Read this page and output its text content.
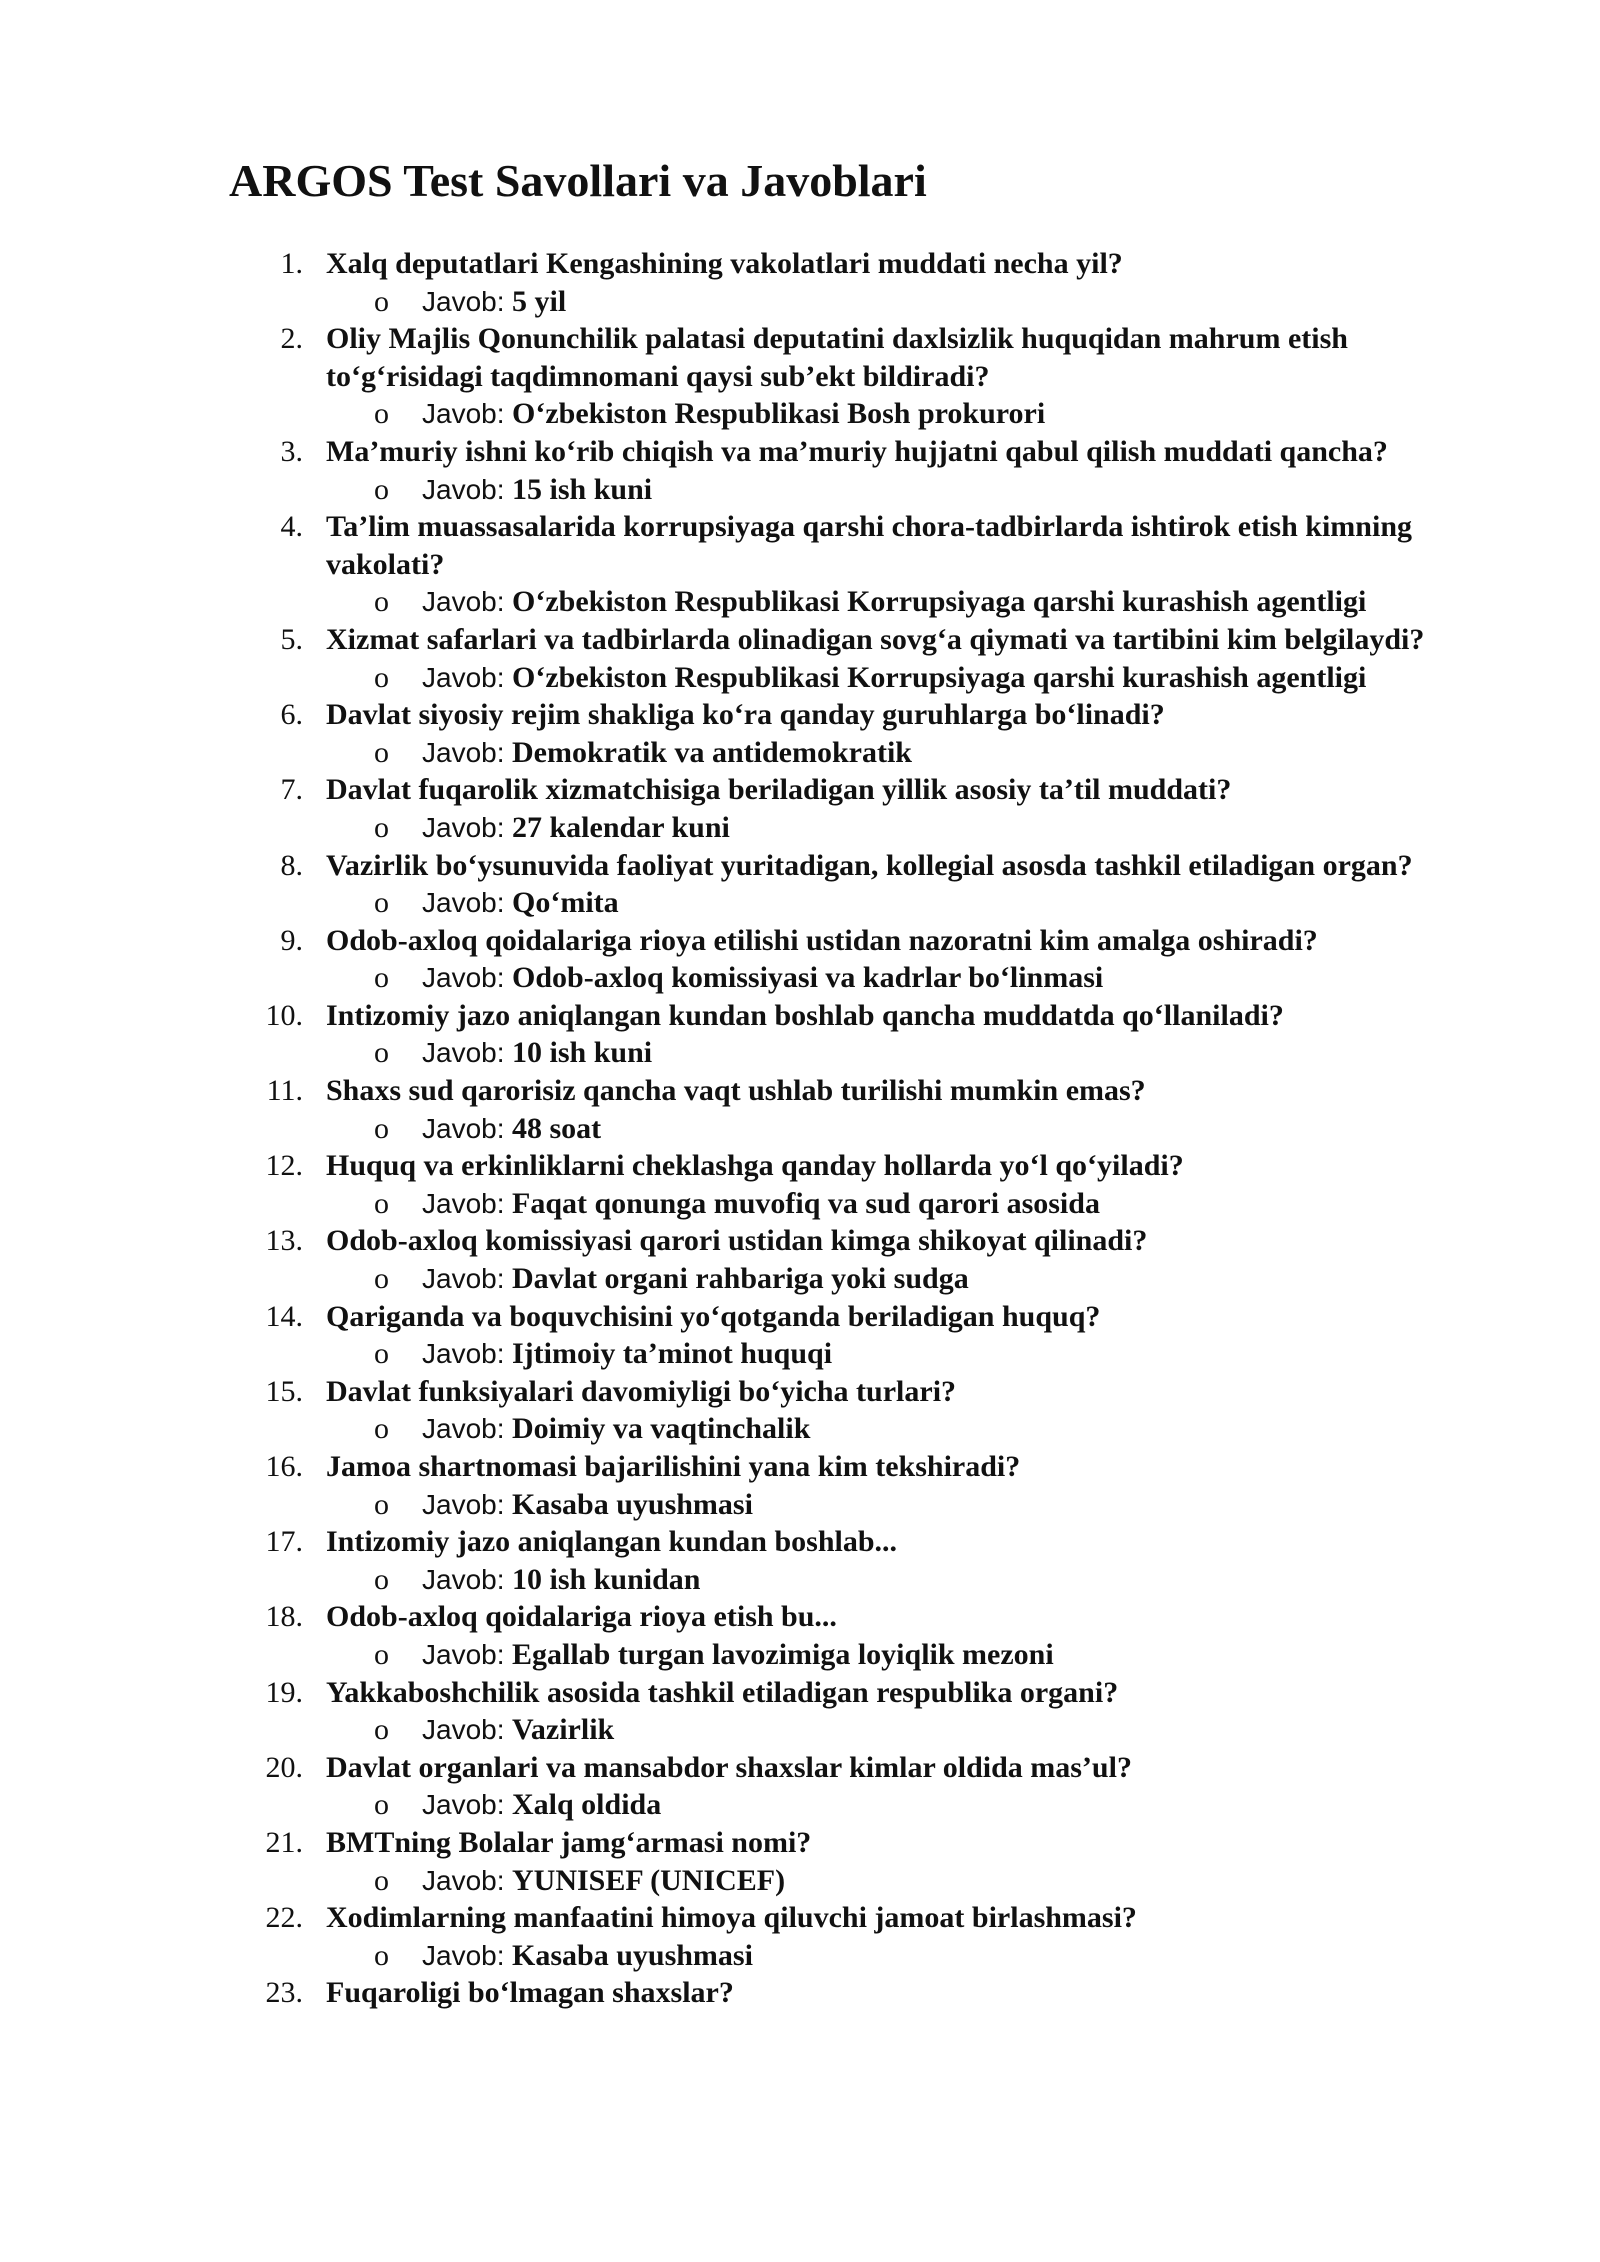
ARGOS Test Savollari va Javoblari
1. Xalq deputatlari Kengashining vakolatlari muddati necha yil?
o Javob: 5 yil
2. Oliy Majlis Qonunchilik palatasi deputatini daxlsizlik huquqidan mahrum etish to‘g‘risidagi taqdimnomani qaysi sub’ekt bildiradi?
o Javob: O‘zbekiston Respublikasi Bosh prokurori
3. Ma’muriy ishni ko‘rib chiqish va ma’muriy hujjatni qabul qilish muddati qancha?
o Javob: 15 ish kuni
4. Ta’lim muassasalarida korrupsiyaga qarshi chora-tadbirlarda ishtirok etish kimning vakolati?
o Javob: O‘zbekiston Respublikasi Korrupsiyaga qarshi kurashish agentligi
5. Xizmat safarlari va tadbirlarda olinadigan sovg‘a qiymati va tartibini kim belgilaydi?
o Javob: O‘zbekiston Respublikasi Korrupsiyaga qarshi kurashish agentligi
6. Davlat siyosiy rejim shakliga ko‘ra qanday guruhlarga bo‘linadi?
o Javob: Demokratik va antidemokratik
7. Davlat fuqarolik xizmatchisiga beriladigan yillik asosiy ta’til muddati?
o Javob: 27 kalendar kuni
8. Vazirlik bo‘ysunuvida faoliyat yuritadigan, kollegial asosda tashkil etiladigan organ?
o Javob: Qo‘mita
9. Odob-axloq qoidalariga rioya etilishi ustidan nazoratni kim amalga oshiradi?
o Javob: Odob-axloq komissiyasi va kadrlar bo‘linmasi
10. Intizomiy jazo aniqlangan kundan boshlab qancha muddatda qo‘llaniladi?
o Javob: 10 ish kuni
11. Shaxs sud qarorisiz qancha vaqt ushlab turilishi mumkin emas?
o Javob: 48 soat
12. Huquq va erkinliklarni cheklashga qanday hollarda yo‘l qo‘yiladi?
o Javob: Faqat qonunga muvofiq va sud qarori asosida
13. Odob-axloq komissiyasi qarori ustidan kimga shikoyat qilinadi?
o Javob: Davlat organi rahbariga yoki sudga
14. Qariganda va boquvchisini yo‘qotganda beriladigan huquq?
o Javob: Ijtimoiy ta’minot huquqi
15. Davlat funksiyalari davomiyligi bo‘yicha turlari?
o Javob: Doimiy va vaqtinchalik
16. Jamoa shartnomasi bajarilishini yana kim tekshiradi?
o Javob: Kasaba uyushmasi
17. Intizomiy jazo aniqlangan kundan boshlab...
o Javob: 10 ish kunidan
18. Odob-axloq qoidalariga rioya etish bu...
o Javob: Egallab turgan lavozimiga loyiqlik mezoni
19. Yakkaboshchilik asosida tashkil etiladigan respublika organi?
o Javob: Vazirlik
20. Davlat organlari va mansabdor shaxslar kimlar oldida mas’ul?
o Javob: Xalq oldida
21. BMTning Bolalar jamg‘armasi nomi?
o Javob: YUNISEF (UNICEF)
22. Xodimlarning manfaatini himoya qiluvchi jamoat birlashmasi?
o Javob: Kasaba uyushmasi
23. Fuqaroligi bo‘lmagan shaxslar?
